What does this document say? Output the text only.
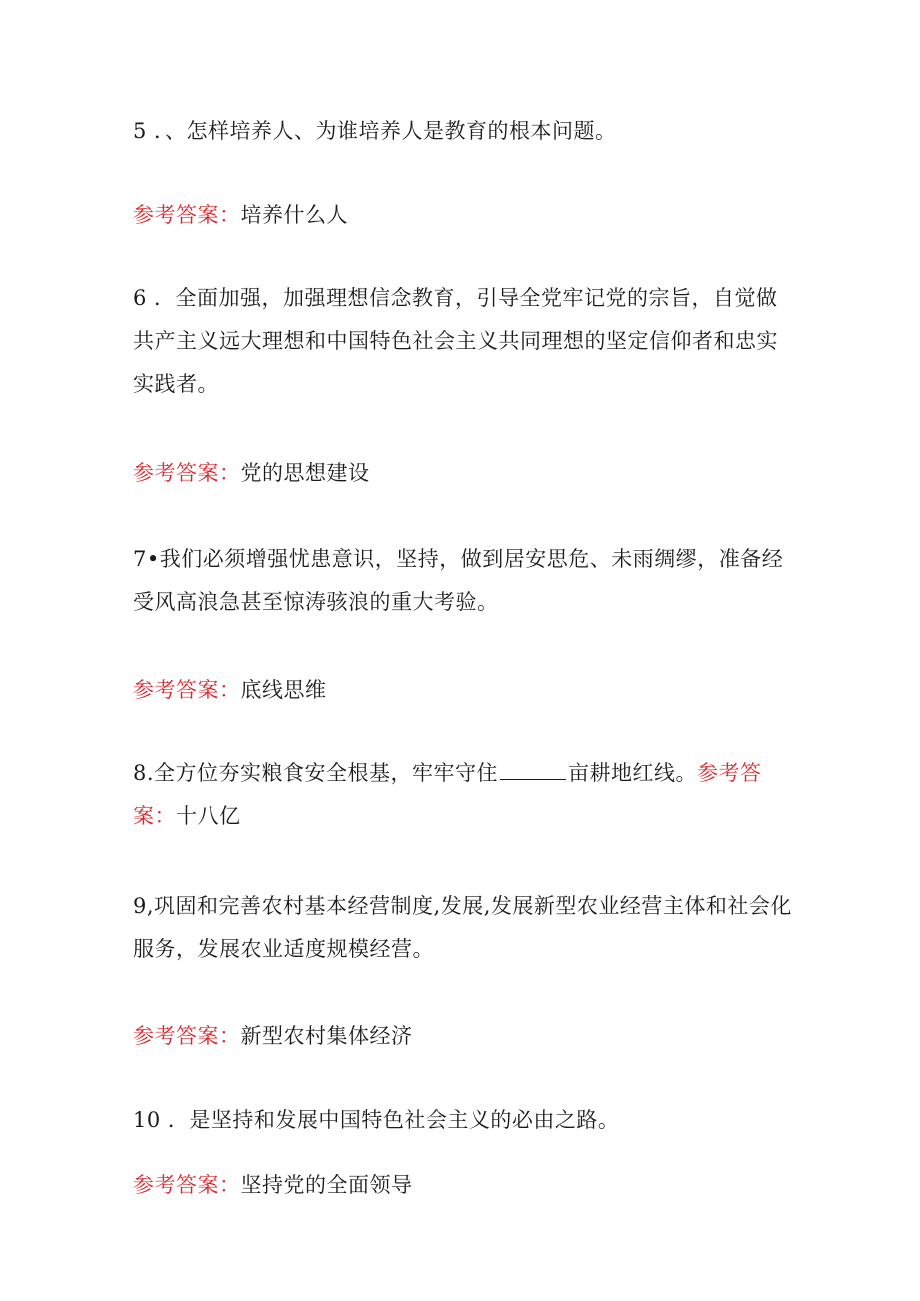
5 ．、怎样培养人、为谁培养人是教育的根本问题。
参考答案：培养什么人
6 ．全面加强，加强理想信念教育，引导全党牢记党的宗旨，自觉做共产主义远大理想和中国特色社会主义共同理想的坚定信仰者和忠实实践者。
参考答案：党的思想建设
7•我们必须增强忧患意识，坚持，做到居安思危、未雨绸缪，准备经受风高浪急甚至惊涛骇浪的重大考验。
参考答案：底线思维
8.全方位夯实粮食安全根基，牢牢守住	亩耕地红线。参考答案：十八亿
9,巩固和完善农村基本经营制度,发展,发展新型农业经营主体和社会化服务，发展农业适度规模经营。
参考答案：新型农村集体经济
10 ．是坚持和发展中国特色社会主义的必由之路。
参考答案：坚持党的全面领导
